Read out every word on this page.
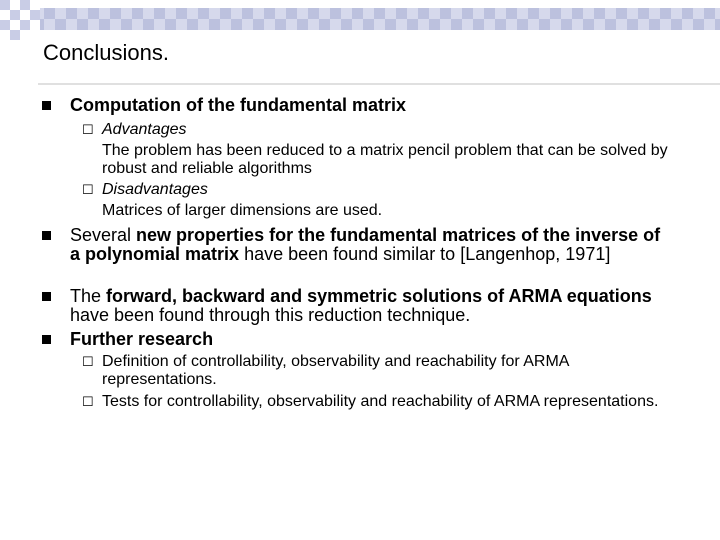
Conclusions.
Computation of the fundamental matrix
☐ Advantages
The problem has been reduced to a matrix pencil problem that can be solved by robust and reliable algorithms
☐ Disadvantages
Matrices of larger dimensions are used.
Several new properties for the fundamental matrices of the inverse of a polynomial matrix have been found similar to [Langenhop, 1971]
The forward, backward and symmetric solutions of ARMA equations have been found through this reduction technique.
Further research
☐ Definition of controllability, observability and reachability for ARMA representations.
☐ Tests for controllability, observability and reachability of ARMA representations.
